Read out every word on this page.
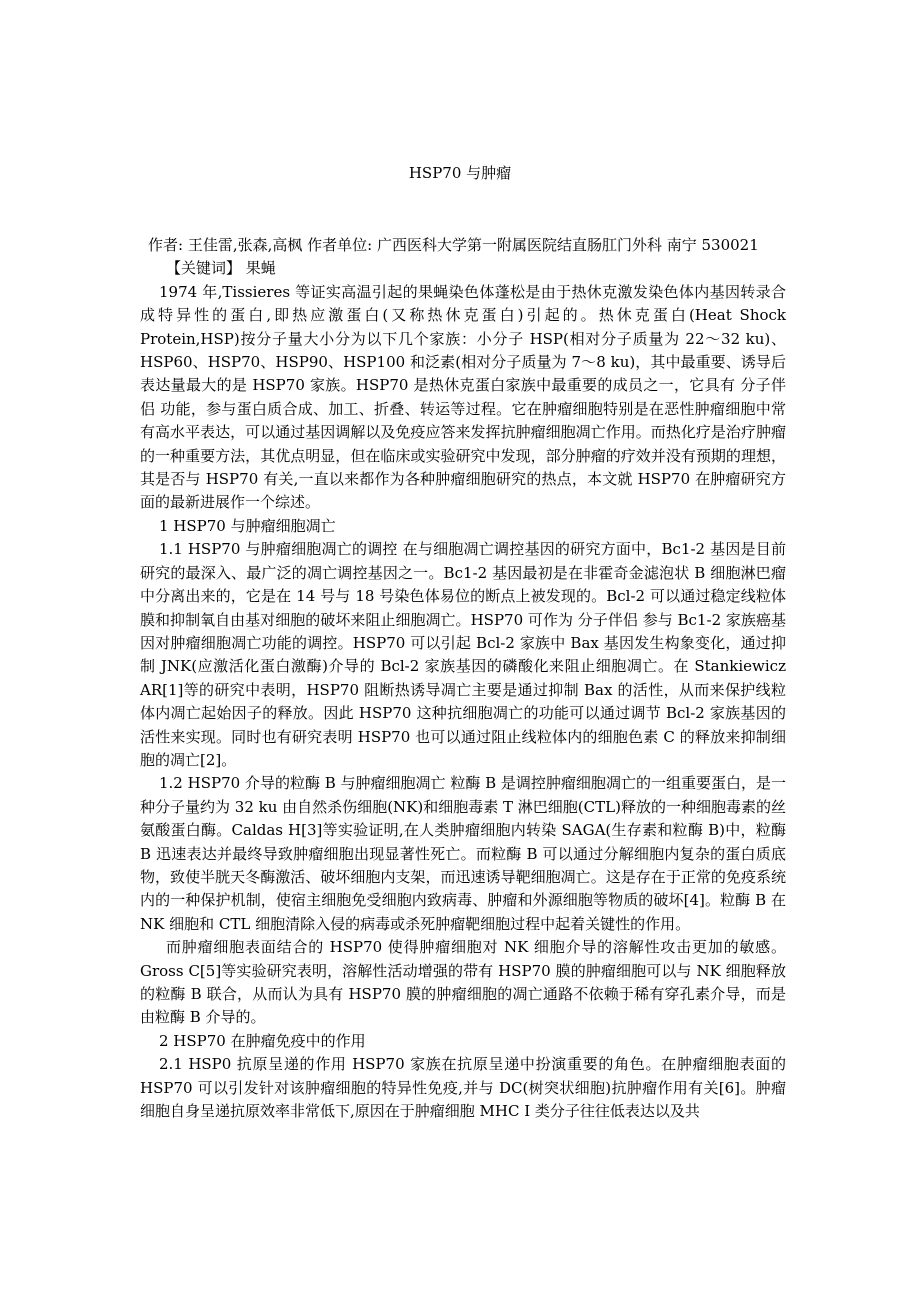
HSP70 与肿瘤

作者: 王佳雷,张森,高枫 作者单位: 广西医科大学第一附属医院结直肠肛门外科 南宁 530021

【关键词】 果蝇

1974 年,Tissieres 等证实高温引起的果蝇染色体蓬松是由于热休克激发染色体内基因转录合成特异性的蛋白,即热应激蛋白(又称热休克蛋白)引起的。热休克蛋白(Heat Shock Protein,HSP)按分子量大小分为以下几个家族：小分子 HSP(相对分子质量为 22～32 ku)、HSP60、HSP70、HSP90、HSP100 和泛素(相对分子质量为 7～8 ku)，其中最重要、诱导后表达量最大的是 HSP70 家族。HSP70 是热休克蛋白家族中最重要的成员之一，它具有 分子伴侣 功能，参与蛋白质合成、加工、折叠、转运等过程。它在肿瘤细胞特别是在恶性肿瘤细胞中常有高水平表达，可以通过基因调解以及免疫应答来发挥抗肿瘤细胞凋亡作用。而热化疗是治疗肿瘤的一种重要方法，其优点明显，但在临床或实验研究中发现，部分肿瘤的疗效并没有预期的理想，其是否与 HSP70 有关,一直以来都作为各种肿瘤细胞研究的热点，本文就 HSP70 在肿瘤研究方面的最新进展作一个综述。

1 HSP70 与肿瘤细胞凋亡

1.1 HSP70 与肿瘤细胞凋亡的调控 在与细胞凋亡调控基因的研究方面中，Bc1-2 基因是目前研究的最深入、最广泛的凋亡调控基因之一。Bc1-2 基因最初是在非霍奇金滤泡状 B 细胞淋巴瘤中分离出来的，它是在 14 号与 18 号染色体易位的断点上被发现的。Bcl-2 可以通过稳定线粒体膜和抑制氧自由基对细胞的破坏来阻止细胞凋亡。HSP70 可作为 分子伴侣 参与 Bc1-2 家族癌基因对肿瘤细胞凋亡功能的调控。HSP70 可以引起 Bcl-2 家族中 Bax 基因发生构象变化，通过抑制 JNK(应激活化蛋白激酶)介导的 Bcl-2 家族基因的磷酸化来阻止细胞凋亡。在 Stankiewicz AR[1]等的研究中表明，HSP70 阻断热诱导凋亡主要是通过抑制 Bax 的活性，从而来保护线粒体内凋亡起始因子的释放。因此 HSP70 这种抗细胞凋亡的功能可以通过调节 Bcl-2 家族基因的活性来实现。同时也有研究表明 HSP70 也可以通过阻止线粒体内的细胞色素 C 的释放来抑制细胞的凋亡[2]。

1.2 HSP70 介导的粒酶 B 与肿瘤细胞凋亡 粒酶 B 是调控肿瘤细胞凋亡的一组重要蛋白，是一种分子量约为 32 ku 由自然杀伤细胞(NK)和细胞毒素 T 淋巴细胞(CTL)释放的一种细胞毒素的丝氨酸蛋白酶。Caldas H[3]等实验证明,在人类肿瘤细胞内转染 SAGA(生存素和粒酶 B)中，粒酶 B 迅速表达并最终导致肿瘤细胞出现显著性死亡。而粒酶 B 可以通过分解细胞内复杂的蛋白质底物，致使半胱天冬酶激活、破坏细胞内支架，而迅速诱导靶细胞凋亡。这是存在于正常的免疫系统内的一种保护机制，使宿主细胞免受细胞内致病毒、肿瘤和外源细胞等物质的破坏[4]。粒酶 B 在 NK 细胞和 CTL 细胞清除入侵的病毒或杀死肿瘤靶细胞过程中起着关键性的作用。

而肿瘤细胞表面结合的 HSP70 使得肿瘤细胞对 NK 细胞介导的溶解性攻击更加的敏感。Gross C[5]等实验研究表明，溶解性活动增强的带有 HSP70 膜的肿瘤细胞可以与 NK 细胞释放的粒酶 B 联合，从而认为具有 HSP70 膜的肿瘤细胞的凋亡通路不依赖于稀有穿孔素介导，而是由粒酶 B 介导的。

2 HSP70 在肿瘤免疫中的作用

2.1 HSP0 抗原呈递的作用 HSP70 家族在抗原呈递中扮演重要的角色。在肿瘤细胞表面的 HSP70 可以引发针对该肿瘤细胞的特异性免疫,并与 DC(树突状细胞)抗肿瘤作用有关[6]。肿瘤细胞自身呈递抗原效率非常低下,原因在于肿瘤细胞 MHC I 类分子往往低表达以及共
